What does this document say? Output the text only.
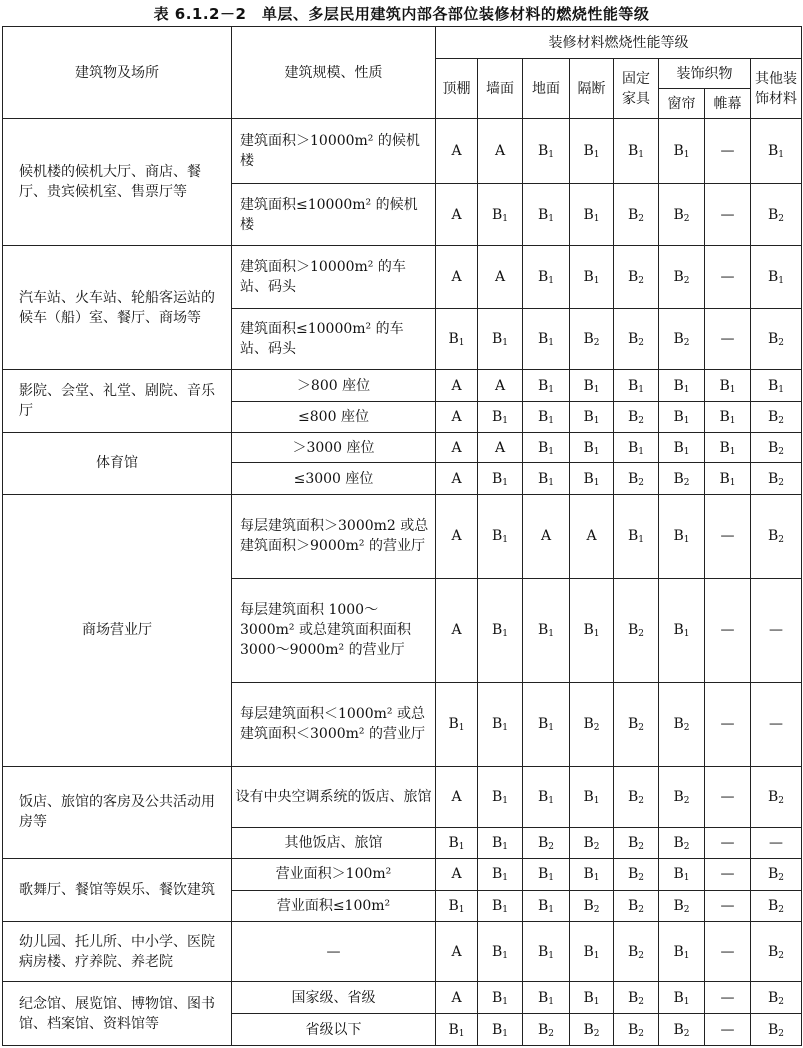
表 6.1.2－2　单层、多层民用建筑内部各部位装修材料的燃烧性能等级
建筑物及场所	建筑规模、性质	装修材料燃烧性能等级							
		顶棚	墙面	地面	隔断	固定家具	装饰织物		其他装饰材料
							窗帘	帷幕	
候机楼的候机大厅、商店、餐厅、贵宾候机室、售票厅等	建筑面积＞10000m² 的候机楼	A	A	$B_1$	$B_1$	$B_1$	$B_1$	—	$B_1$
	建筑面积≤10000m² 的候机楼	A	$B_1$	$B_1$	$B_1$	$B_2$	$B_2$	—	$B_2$
汽车站、火车站、轮船客运站的候车（船）室、餐厅、商场等	建筑面积＞10000m² 的车站、码头	A	A	$B_1$	$B_1$	$B_2$	$B_2$	—	$B_1$
	建筑面积≤10000m² 的车站、码头	$B_1$	$B_1$	$B_1$	$B_2$	$B_2$	$B_2$	—	$B_2$
影院、会堂、礼堂、剧院、音乐厅	＞800 座位	A	A	$B_1$	$B_1$	$B_1$	$B_1$	$B_1$	$B_1$
	≤800 座位	A	$B_1$	$B_1$	$B_1$	$B_2$	$B_1$	$B_1$	$B_2$
体育馆	＞3000 座位	A	A	$B_1$	$B_1$	$B_1$	$B_1$	$B_1$	$B_2$
	≤3000 座位	A	$B_1$	$B_1$	$B_1$	$B_2$	$B_2$	$B_1$	$B_2$
商场营业厅	每层建筑面积＞3000m2 或总建筑面积＞9000m² 的营业厅	A	$B_1$	A	A	$B_1$	$B_1$	—	$B_2$
	每层建筑面积 1000～3000m² 或总建筑面积面积 3000～9000m² 的营业厅	A	$B_1$	$B_1$	$B_1$	$B_2$	$B_1$	—	—
	每层建筑面积＜1000m² 或总建筑面积＜3000m² 的营业厅	$B_1$	$B_1$	$B_1$	$B_2$	$B_2$	$B_2$	—	—
饭店、旅馆的客房及公共活动用房等	设有中央空调系统的饭店、旅馆	A	$B_1$	$B_1$	$B_1$	$B_2$	$B_2$	—	$B_2$
	其他饭店、旅馆	$B_1$	$B_1$	$B_2$	$B_2$	$B_2$	$B_2$	—	—
歌舞厅、餐馆等娱乐、餐饮建筑	营业面积＞100m²	A	$B_1$	$B_1$	$B_1$	$B_2$	$B_1$	—	$B_2$
	营业面积≤100m²	$B_1$	$B_1$	$B_1$	$B_2$	$B_2$	$B_2$	—	$B_2$
幼儿园、托儿所、中小学、医院病房楼、疗养院、养老院	—	A	$B_1$	$B_1$	$B_1$	$B_2$	$B_1$	—	$B_2$
纪念馆、展览馆、博物馆、图书馆、档案馆、资料馆等	国家级、省级	A	$B_1$	$B_1$	$B_1$	$B_2$	$B_1$	—	$B_2$
	省级以下	$B_1$	$B_1$	$B_2$	$B_2$	$B_2$	$B_2$	—	$B_2$
